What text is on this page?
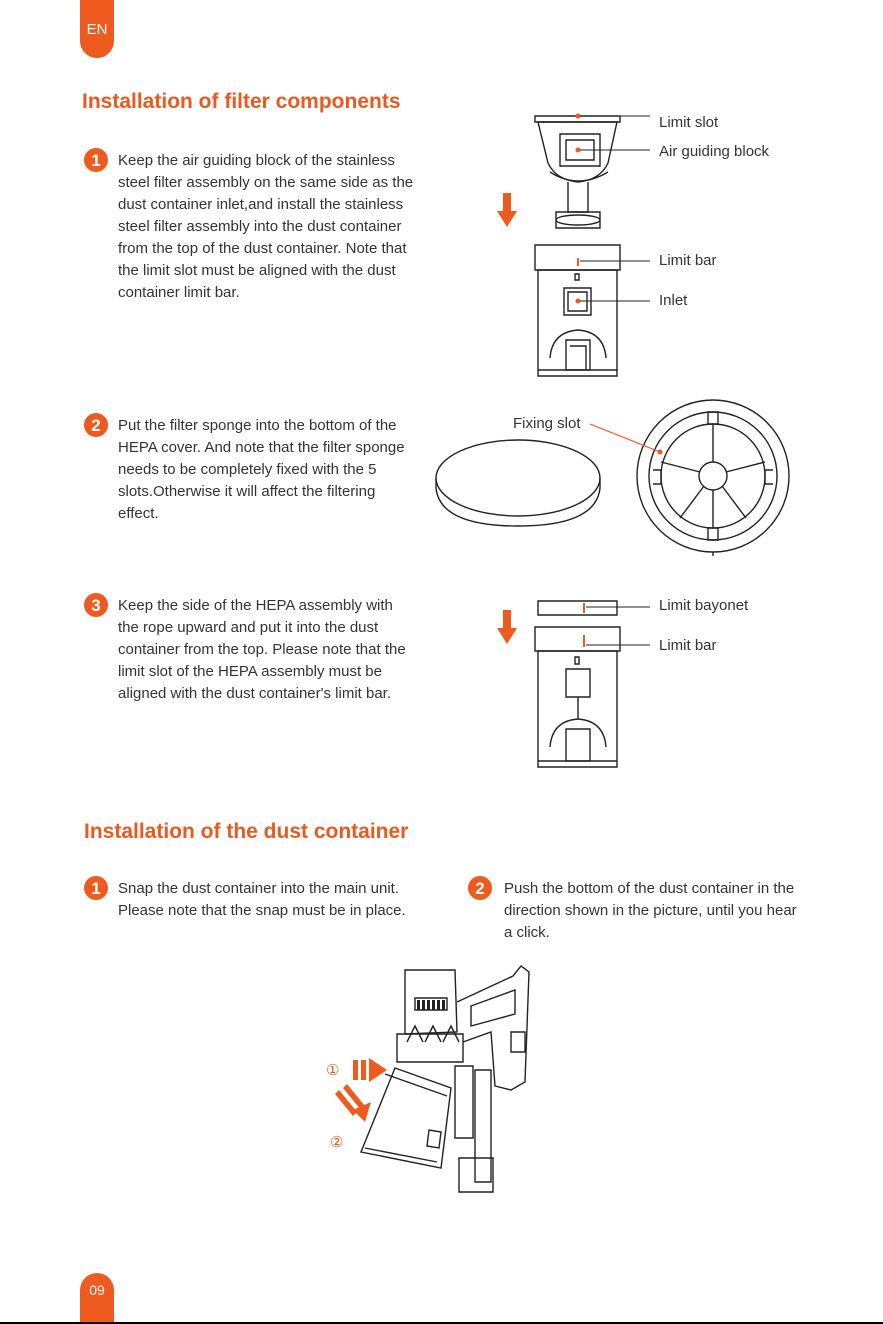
EN
Installation of filter components
1	Keep the air guiding block of the stainless steel filter assembly on the same side as the dust container inlet,and install the stainless steel filter assembly into the dust container from the top of the dust container. Note that the limit slot must be aligned with the dust container limit bar.

Limit slot
Air guiding block
Limit bar
Inlet
2	Put the filter sponge into the bottom of the HEPA cover. And note that the filter sponge needs to be completely fixed with the 5 slots.Otherwise it will affect the filtering effect.

Fixing slot
3	Keep the side of the HEPA assembly with the rope upward and put it into the dust container from the top. Please note that the limit slot of the HEPA assembly must be aligned with the dust container's limit bar.

Limit bayonet
Limit bar
Installation of the dust container
1	Snap the dust container into the main unit. Please note that the snap must be in place.

2	Push the bottom of the dust container in the direction shown in the picture, until you hear a click.

①
②
09
